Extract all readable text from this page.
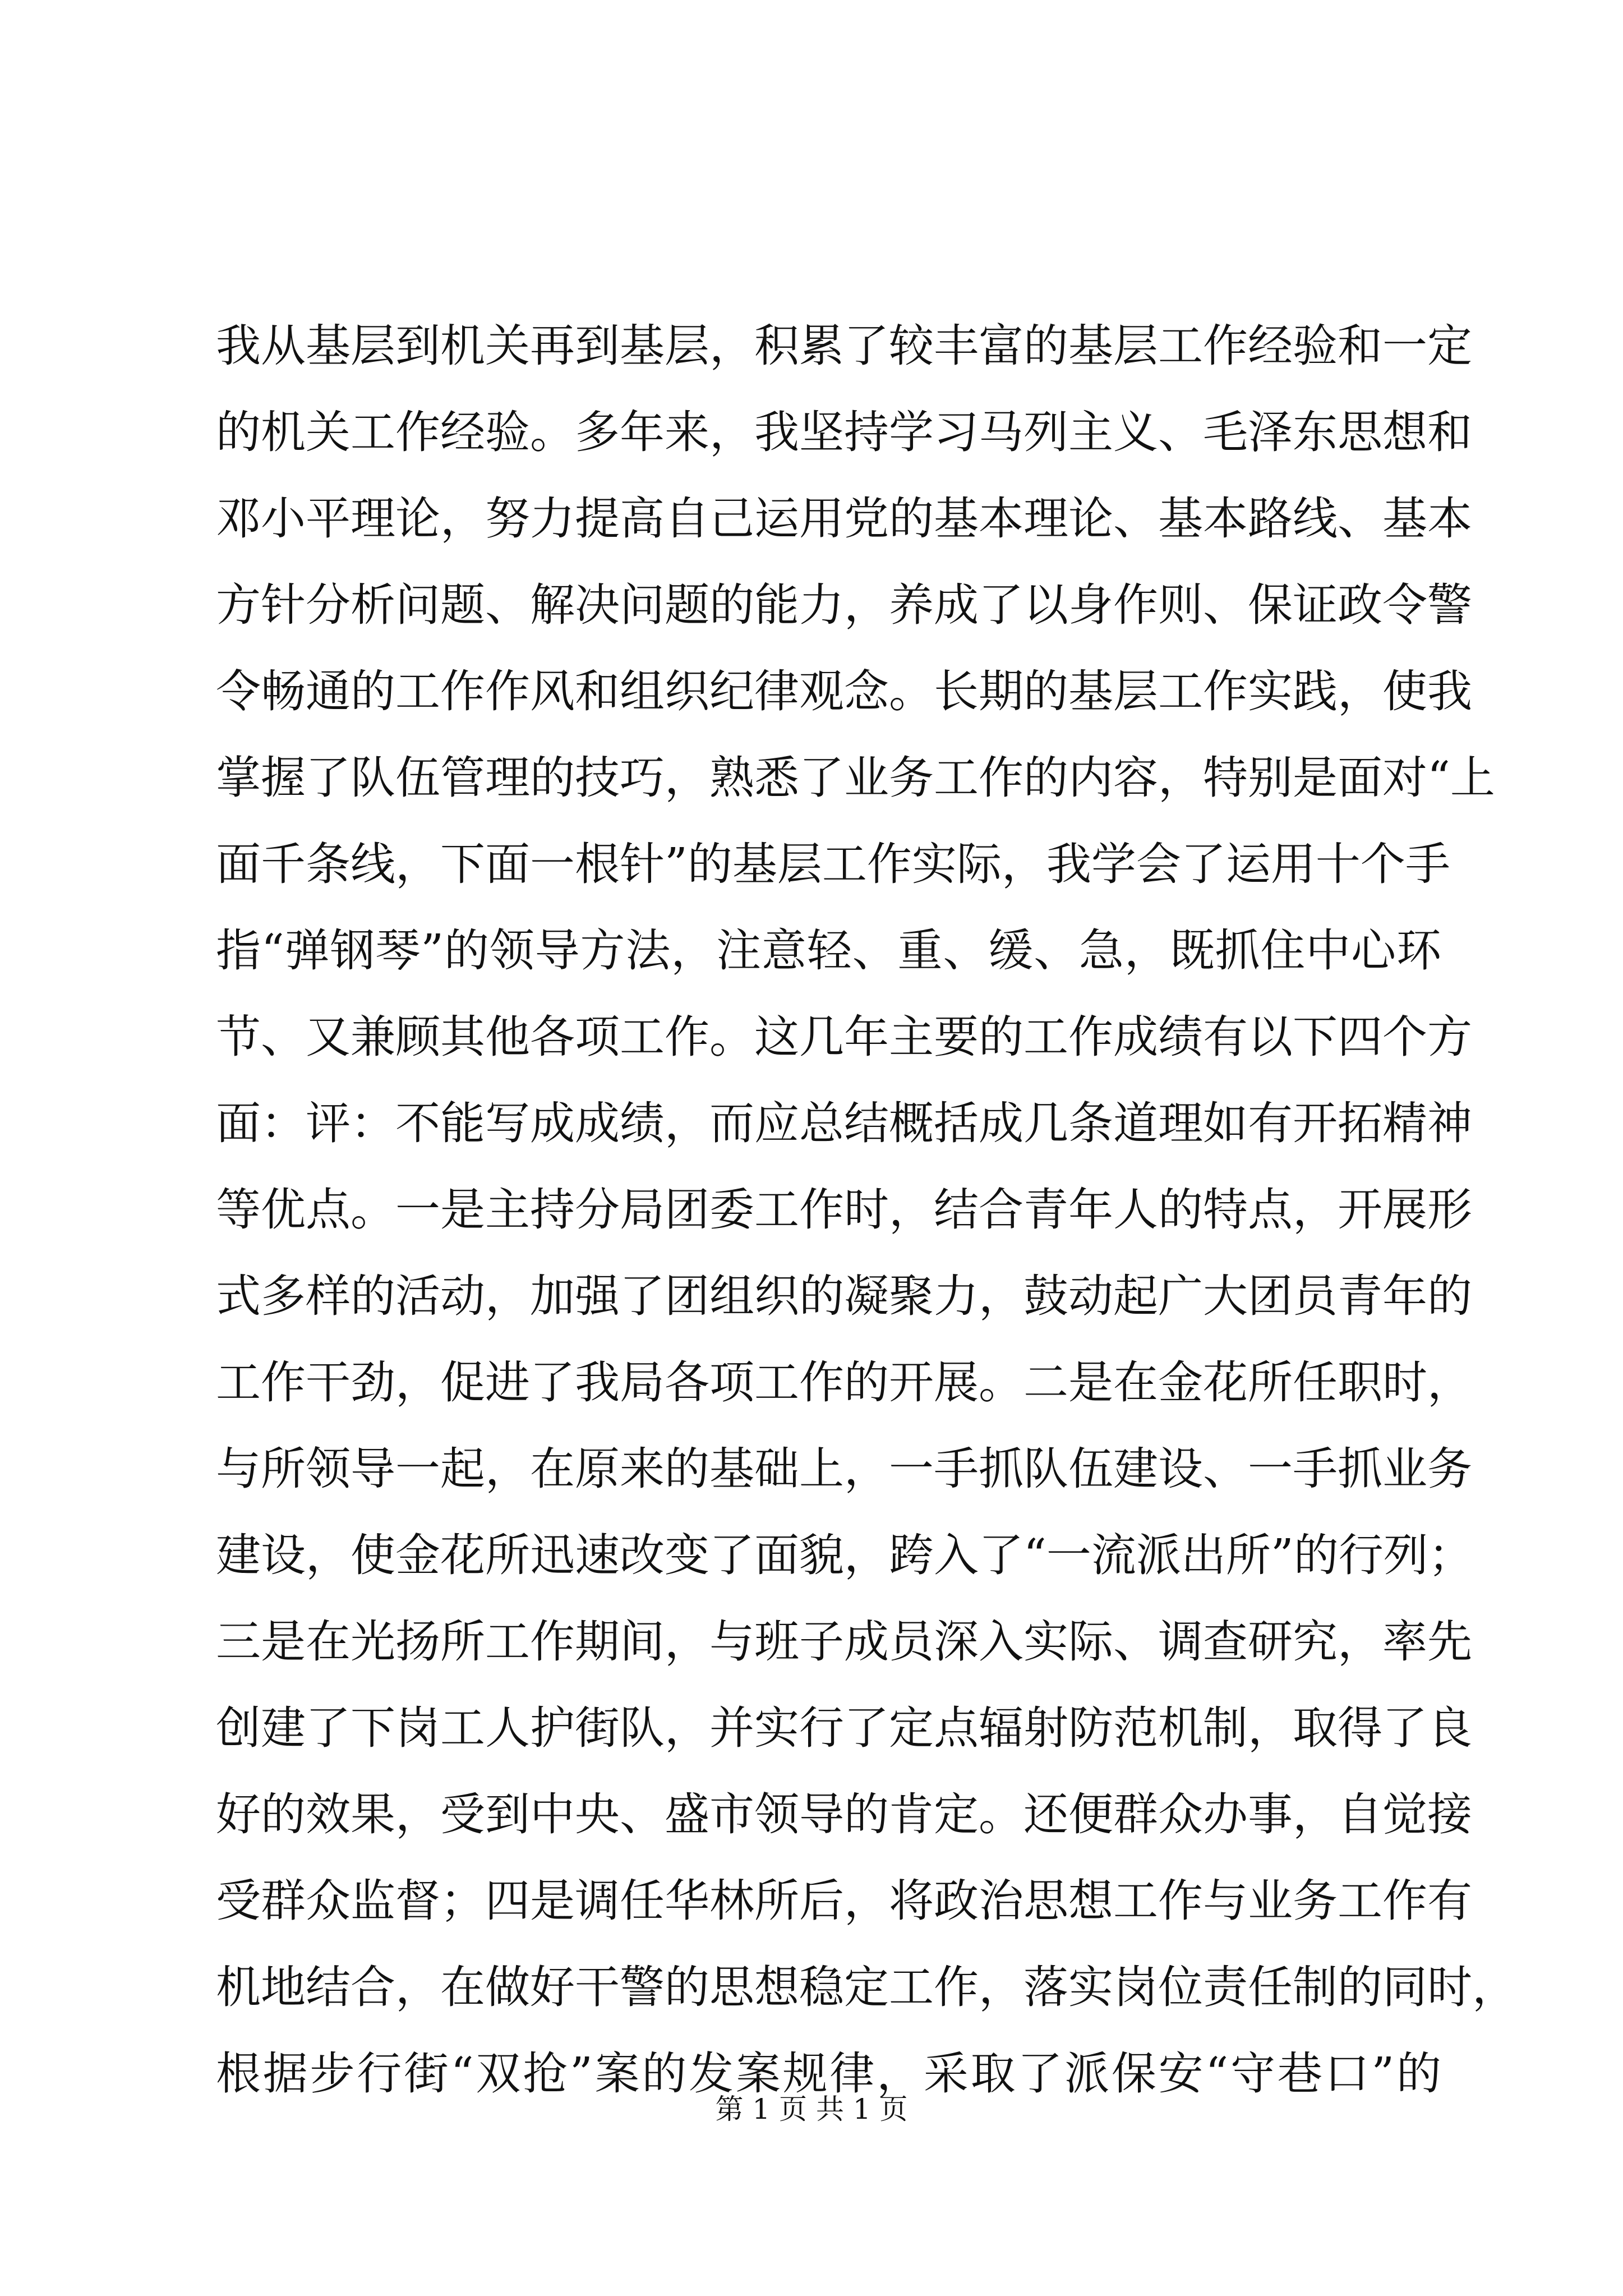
我从基层到机关再到基层，积累了较丰富的基层工作经验和一定
的机关工作经验。多年来，我坚持学习马列主义、毛泽东思想和
邓小平理论，努力提高自己运用党的基本理论、基本路线、基本
方针分析问题、解决问题的能力，养成了以身作则、保证政令警
令畅通的工作作风和组织纪律观念。长期的基层工作实践，使我
掌握了队伍管理的技巧，熟悉了业务工作的内容，特别是面对“上
面千条线，下面一根针”的基层工作实际，我学会了运用十个手
指“弹钢琴”的领导方法，注意轻、重、缓、急，既抓住中心环
节、又兼顾其他各项工作。这几年主要的工作成绩有以下四个方
面：评：不能写成成绩，而应总结概括成几条道理如有开拓精神
等优点。一是主持分局团委工作时，结合青年人的特点，开展形
式多样的活动，加强了团组织的凝聚力，鼓动起广大团员青年的
工作干劲，促进了我局各项工作的开展。二是在金花所任职时，
与所领导一起，在原来的基础上，一手抓队伍建设、一手抓业务
建设，使金花所迅速改变了面貌，跨入了“一流派出所”的行列；
三是在光扬所工作期间，与班子成员深入实际、调查研究，率先
创建了下岗工人护街队，并实行了定点辐射防范机制，取得了良
好的效果，受到中央、盛市领导的肯定。还便群众办事，自觉接
受群众监督；四是调任华林所后，将政治思想工作与业务工作有
机地结合，在做好干警的思想稳定工作，落实岗位责任制的同时，
根据步行街“双抢”案的发案规律，采取了派保安“守巷口”的
第 1 页 共 1 页
